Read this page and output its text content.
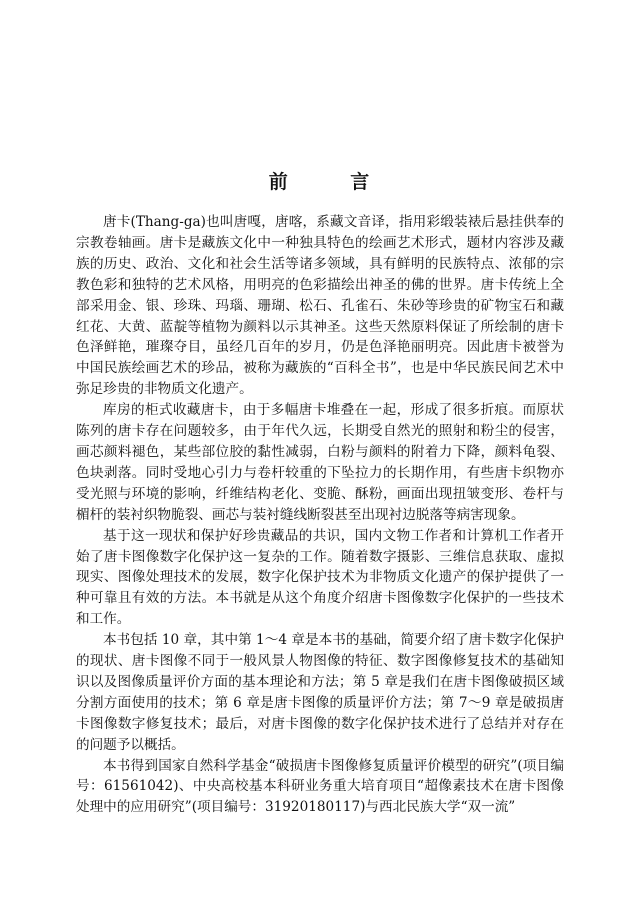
前 言

唐卡(Thang-ga)也叫唐嘎，唐喀，系藏文音译，指用彩缎装裱后悬挂供奉的宗教卷轴画。唐卡是藏族文化中一种独具特色的绘画艺术形式，题材内容涉及藏族的历史、政治、文化和社会生活等诸多领域，具有鲜明的民族特点、浓郁的宗教色彩和独特的艺术风格，用明亮的色彩描绘出神圣的佛的世界。唐卡传统上全部采用金、银、珍珠、玛瑙、珊瑚、松石、孔雀石、朱砂等珍贵的矿物宝石和藏红花、大黄、蓝靛等植物为颜料以示其神圣。这些天然原料保证了所绘制的唐卡色泽鲜艳，璀璨夺目，虽经几百年的岁月，仍是色泽艳丽明亮。因此唐卡被誉为中国民族绘画艺术的珍品，被称为藏族的“百科全书”，也是中华民族民间艺术中弥足珍贵的非物质文化遗产。

库房的柜式收藏唐卡，由于多幅唐卡堆叠在一起，形成了很多折痕。而原状陈列的唐卡存在问题较多，由于年代久远，长期受自然光的照射和粉尘的侵害，画芯颜料褪色，某些部位胶的黏性减弱，白粉与颜料的附着力下降，颜料龟裂、色块剥落。同时受地心引力与卷杆较重的下坠拉力的长期作用，有些唐卡织物亦受光照与环境的影响，纤维结构老化、变脆、酥粉，画面出现扭皱变形、卷杆与楣杆的装衬织物脆裂、画芯与装衬缝线断裂甚至出现衬边脱落等病害现象。

基于这一现状和保护好珍贵藏品的共识，国内文物工作者和计算机工作者开始了唐卡图像数字化保护这一复杂的工作。随着数字摄影、三维信息获取、虚拟现实、图像处理技术的发展，数字化保护技术为非物质文化遗产的保护提供了一种可靠且有效的方法。本书就是从这个角度介绍唐卡图像数字化保护的一些技术和工作。

本书包括 10 章，其中第 1～4 章是本书的基础，简要介绍了唐卡数字化保护的现状、唐卡图像不同于一般风景人物图像的特征、数字图像修复技术的基础知识以及图像质量评价方面的基本理论和方法；第 5 章是我们在唐卡图像破损区域分割方面使用的技术；第 6 章是唐卡图像的质量评价方法；第 7～9 章是破损唐卡图像数字修复技术；最后，对唐卡图像的数字化保护技术进行了总结并对存在的问题予以概括。

本书得到国家自然科学基金“破损唐卡图像修复质量评价模型的研究”(项目编号：61561042)、中央高校基本科研业务重大培育项目“超像素技术在唐卡图像处理中的应用研究”(项目编号：31920180117)与西北民族大学“双一流”
